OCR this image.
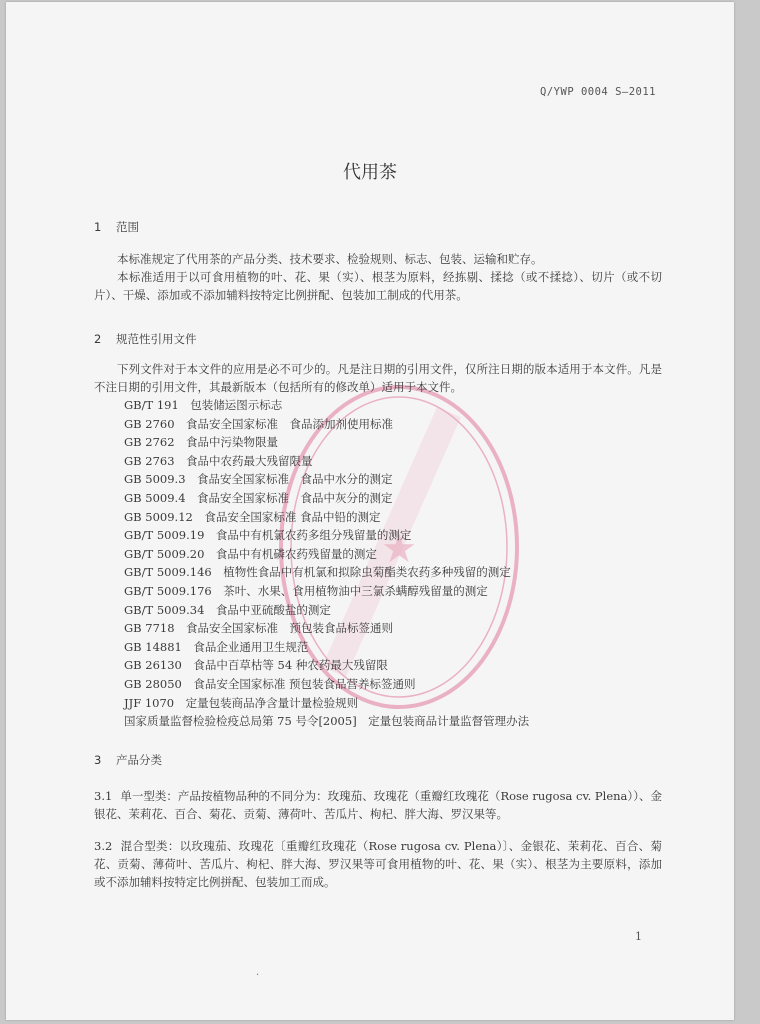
Q/YWP 0004 S—2011
代用茶
★
1 范围

本标准规定了代用茶的产品分类、技术要求、检验规则、标志、包装、运输和贮存。

本标准适用于以可食用植物的叶、花、果（实）、根茎为原料，经拣剔、揉捻（或不揉捻）、切片（或不切片）、干燥、添加或不添加辅料按特定比例拼配、包装加工制成的代用茶。

2 规范性引用文件

下列文件对于本文件的应用是必不可少的。凡是注日期的引用文件，仅所注日期的版本适用于本文件。凡是不注日期的引用文件，其最新版本（包括所有的修改单）适用于本文件。

GB/T 191　包装储运图示标志
GB 2760　食品安全国家标准　食品添加剂使用标准
GB 2762　食品中污染物限量
GB 2763　食品中农药最大残留限量
GB 5009.3　食品安全国家标准　食品中水分的测定
GB 5009.4　食品安全国家标准　食品中灰分的测定
GB 5009.12　食品安全国家标准 食品中铅的测定
GB/T 5009.19　食品中有机氯农药多组分残留量的测定
GB/T 5009.20　食品中有机磷农药残留量的测定
GB/T 5009.146　植物性食品中有机氯和拟除虫菊酯类农药多种残留的测定
GB/T 5009.176　茶叶、水果、食用植物油中三氯杀螨醇残留量的测定
GB/T 5009.34　食品中亚硫酸盐的测定
GB 7718　食品安全国家标准　预包装食品标签通则
GB 14881　食品企业通用卫生规范
GB 26130　食品中百草枯等 54 种农药最大残留限
GB 28050　食品安全国家标准 预包装食品营养标签通则
JJF 1070　定量包装商品净含量计量检验规则
国家质量监督检验检疫总局第 75 号令[2005]　定量包装商品计量监督管理办法
3 产品分类

3.1 单一型类：产品按植物品种的不同分为：玫瑰茄、玫瑰花（重瓣红玫瑰花（Rose rugosa cv. Plena））、金银花、茉莉花、百合、菊花、贡菊、薄荷叶、苦瓜片、枸杞、胖大海、罗汉果等。

3.2 混合型类：以玫瑰茄、玫瑰花〔重瓣红玫瑰花（Rose rugosa cv. Plena）〕、金银花、茉莉花、百合、菊花、贡菊、薄荷叶、苦瓜片、枸杞、胖大海、罗汉果等可食用植物的叶、花、果（实）、根茎为主要原料，添加或不添加辅料按特定比例拼配、包装加工而成。

1
·
